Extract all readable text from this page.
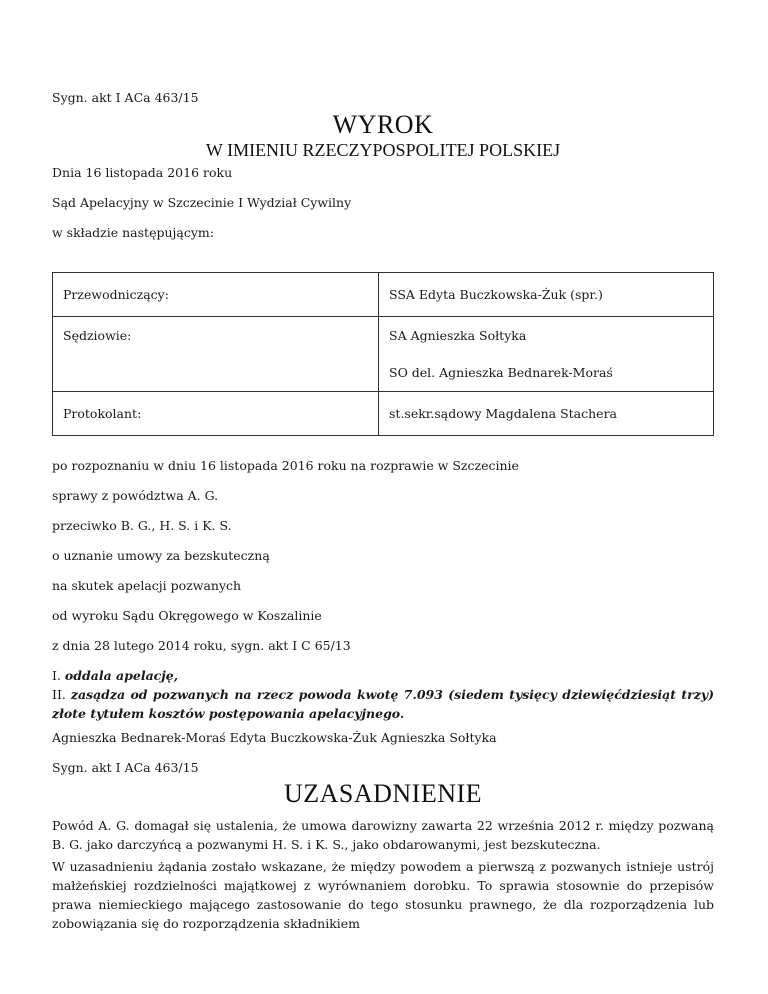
Sygn. akt I ACa 463/15
WYROK
W IMIENIU RZECZYPOSPOLITEJ POLSKIEJ
Dnia 16 listopada 2016 roku
Sąd Apelacyjny w Szczecinie I Wydział Cywilny
w składzie następującym:
Przewodniczący:	SSA Edyta Buczkowska-Żuk (spr.)

Sędziowie:	SA Agnieszka Sołtyka
SO del. Agnieszka Bednarek-Moraś

Protokolant:	st.sekr.sądowy Magdalena Stachera
po rozpoznaniu w dniu 16 listopada 2016 roku na rozprawie w Szczecinie
sprawy z powództwa A. G.
przeciwko B. G., H. S. i K. S.
o uznanie umowy za bezskuteczną
na skutek apelacji pozwanych
od wyroku Sądu Okręgowego w Koszalinie
z dnia 28 lutego 2014 roku, sygn. akt I C 65/13
I. oddala apelację,
II. zasądza od pozwanych na rzecz powoda kwotę 7.093 (siedem tysięcy dziewięćdziesiąt trzy) złote tytułem kosztów postępowania apelacyjnego.
Agnieszka Bednarek-Moraś Edyta Buczkowska-Żuk Agnieszka Sołtyka
Sygn. akt I ACa 463/15
UZASADNIENIE
Powód A. G. domagał się ustalenia, że umowa darowizny zawarta 22 września 2012 r. między pozwaną B. G. jako darczyńcą a pozwanymi H. S. i K. S., jako obdarowanymi, jest bezskuteczna.
W uzasadnieniu żądania zostało wskazane, że między powodem a pierwszą z pozwanych istnieje ustrój małżeńskiej rozdzielności majątkowej z wyrównaniem dorobku. To sprawia stosownie do przepisów prawa niemieckiego mającego zastosowanie do tego stosunku prawnego, że dla rozporządzenia lub zobowiązania się do rozporządzenia składnikiem
